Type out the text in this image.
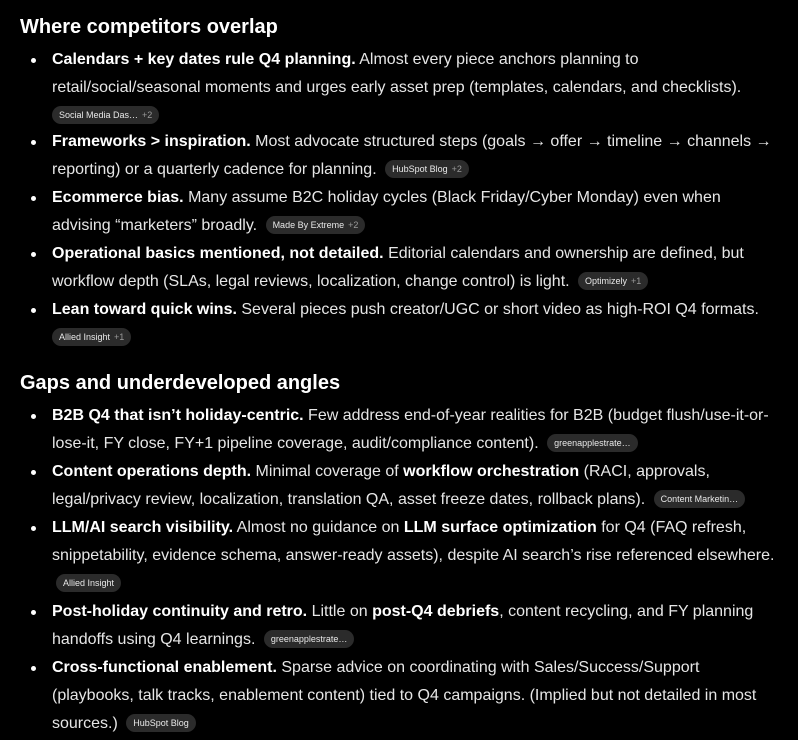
Where competitors overlap
Calendars + key dates rule Q4 planning. Almost every piece anchors planning to retail/social/seasonal moments and urges early asset prep (templates, calendars, and checklists).
Social Media Das… +2
Frameworks > inspiration. Most advocate structured steps (goals → offer → timeline → channels → reporting) or a quarterly cadence for planning. HubSpot Blog +2
Ecommerce bias. Many assume B2C holiday cycles (Black Friday/Cyber Monday) even when advising “marketers” broadly. Made By Extreme +2
Operational basics mentioned, not detailed. Editorial calendars and ownership are defined, but workflow depth (SLAs, legal reviews, localization, change control) is light. Optimizely +1
Lean toward quick wins. Several pieces push creator/UGC or short video as high-ROI Q4 formats.
Allied Insight +1
Gaps and underdeveloped angles
B2B Q4 that isn’t holiday-centric. Few address end-of-year realities for B2B (budget flush/use-it-or-lose-it, FY close, FY+1 pipeline coverage, audit/compliance content). greenapplestrate…
Content operations depth. Minimal coverage of workflow orchestration (RACI, approvals, legal/privacy review, localization, translation QA, asset freeze dates, rollback plans). Content Marketin…
LLM/AI search visibility. Almost no guidance on LLM surface optimization for Q4 (FAQ refresh, snippetability, evidence schema, answer-ready assets), despite AI search’s rise referenced elsewhere. Allied Insight
Post-holiday continuity and retro. Little on post-Q4 debriefs, content recycling, and FY planning handoffs using Q4 learnings. greenapplestrate…
Cross-functional enablement. Sparse advice on coordinating with Sales/Success/Support (playbooks, talk tracks, enablement content) tied to Q4 campaigns. (Implied but not detailed in most sources.) HubSpot Blog
